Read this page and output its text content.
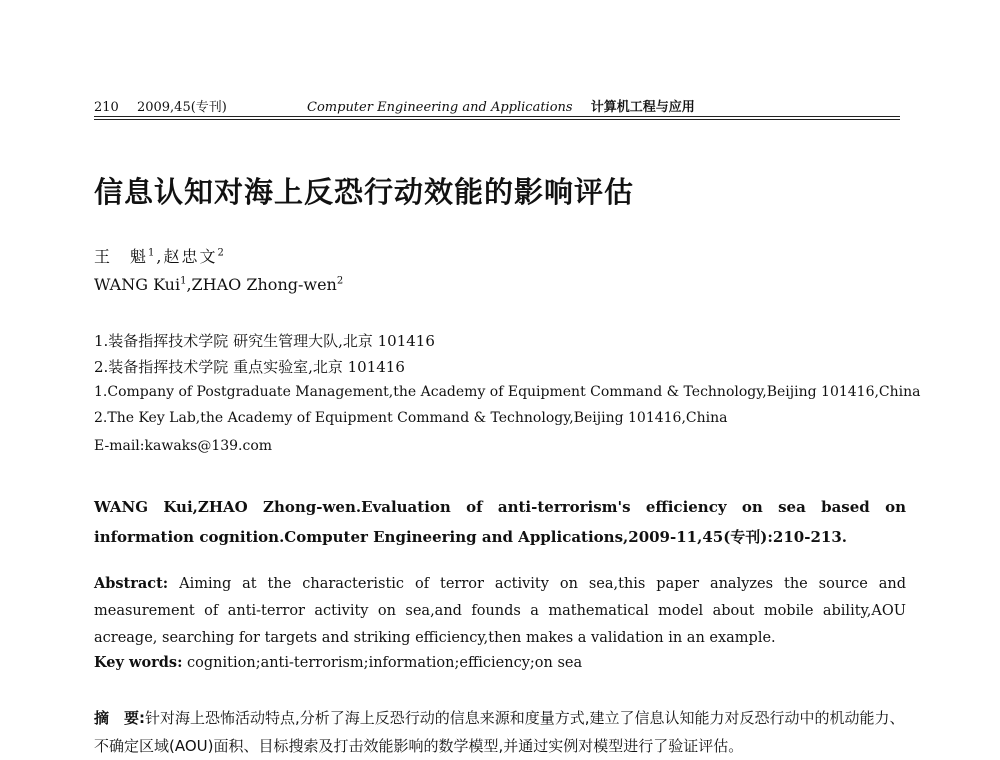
210 2009,45(专刊)	Computer Engineering and Applications 计算机工程与应用
信息认知对海上反恐行动效能的影响评估
王　魁$^1$,赵忠文$^2$
WANG Kui$^1$,ZHAO Zhong-wen$^2$
1.装备指挥技术学院 研究生管理大队,北京 101416
2.装备指挥技术学院 重点实验室,北京 101416
1.Company of Postgraduate Management,the Academy of Equipment Command & Technology,Beijing 101416,China
2.The Key Lab,the Academy of Equipment Command & Technology,Beijing 101416,China
E-mail:kawaks@139.com
WANG Kui,ZHAO Zhong-wen.Evaluation of anti-terrorism's efficiency on sea based on information cognition.Computer Engineering and Applications,2009-11,45(专刊):210-213.
Abstract: Aiming at the characteristic of terror activity on sea,this paper analyzes the source and measurement of anti-terror activity on sea,and founds a mathematical model about mobile ability,AOU acreage, searching for targets and striking efficiency,then makes a validation in an example.
Key words: cognition;anti-terrorism;information;efficiency;on sea
摘　要:针对海上恐怖活动特点,分析了海上反恐行动的信息来源和度量方式,建立了信息认知能力对反恐行动中的机动能力、不确定区域(AOU)面积、目标搜索及打击效能影响的数学模型,并通过实例对模型进行了验证评估。
